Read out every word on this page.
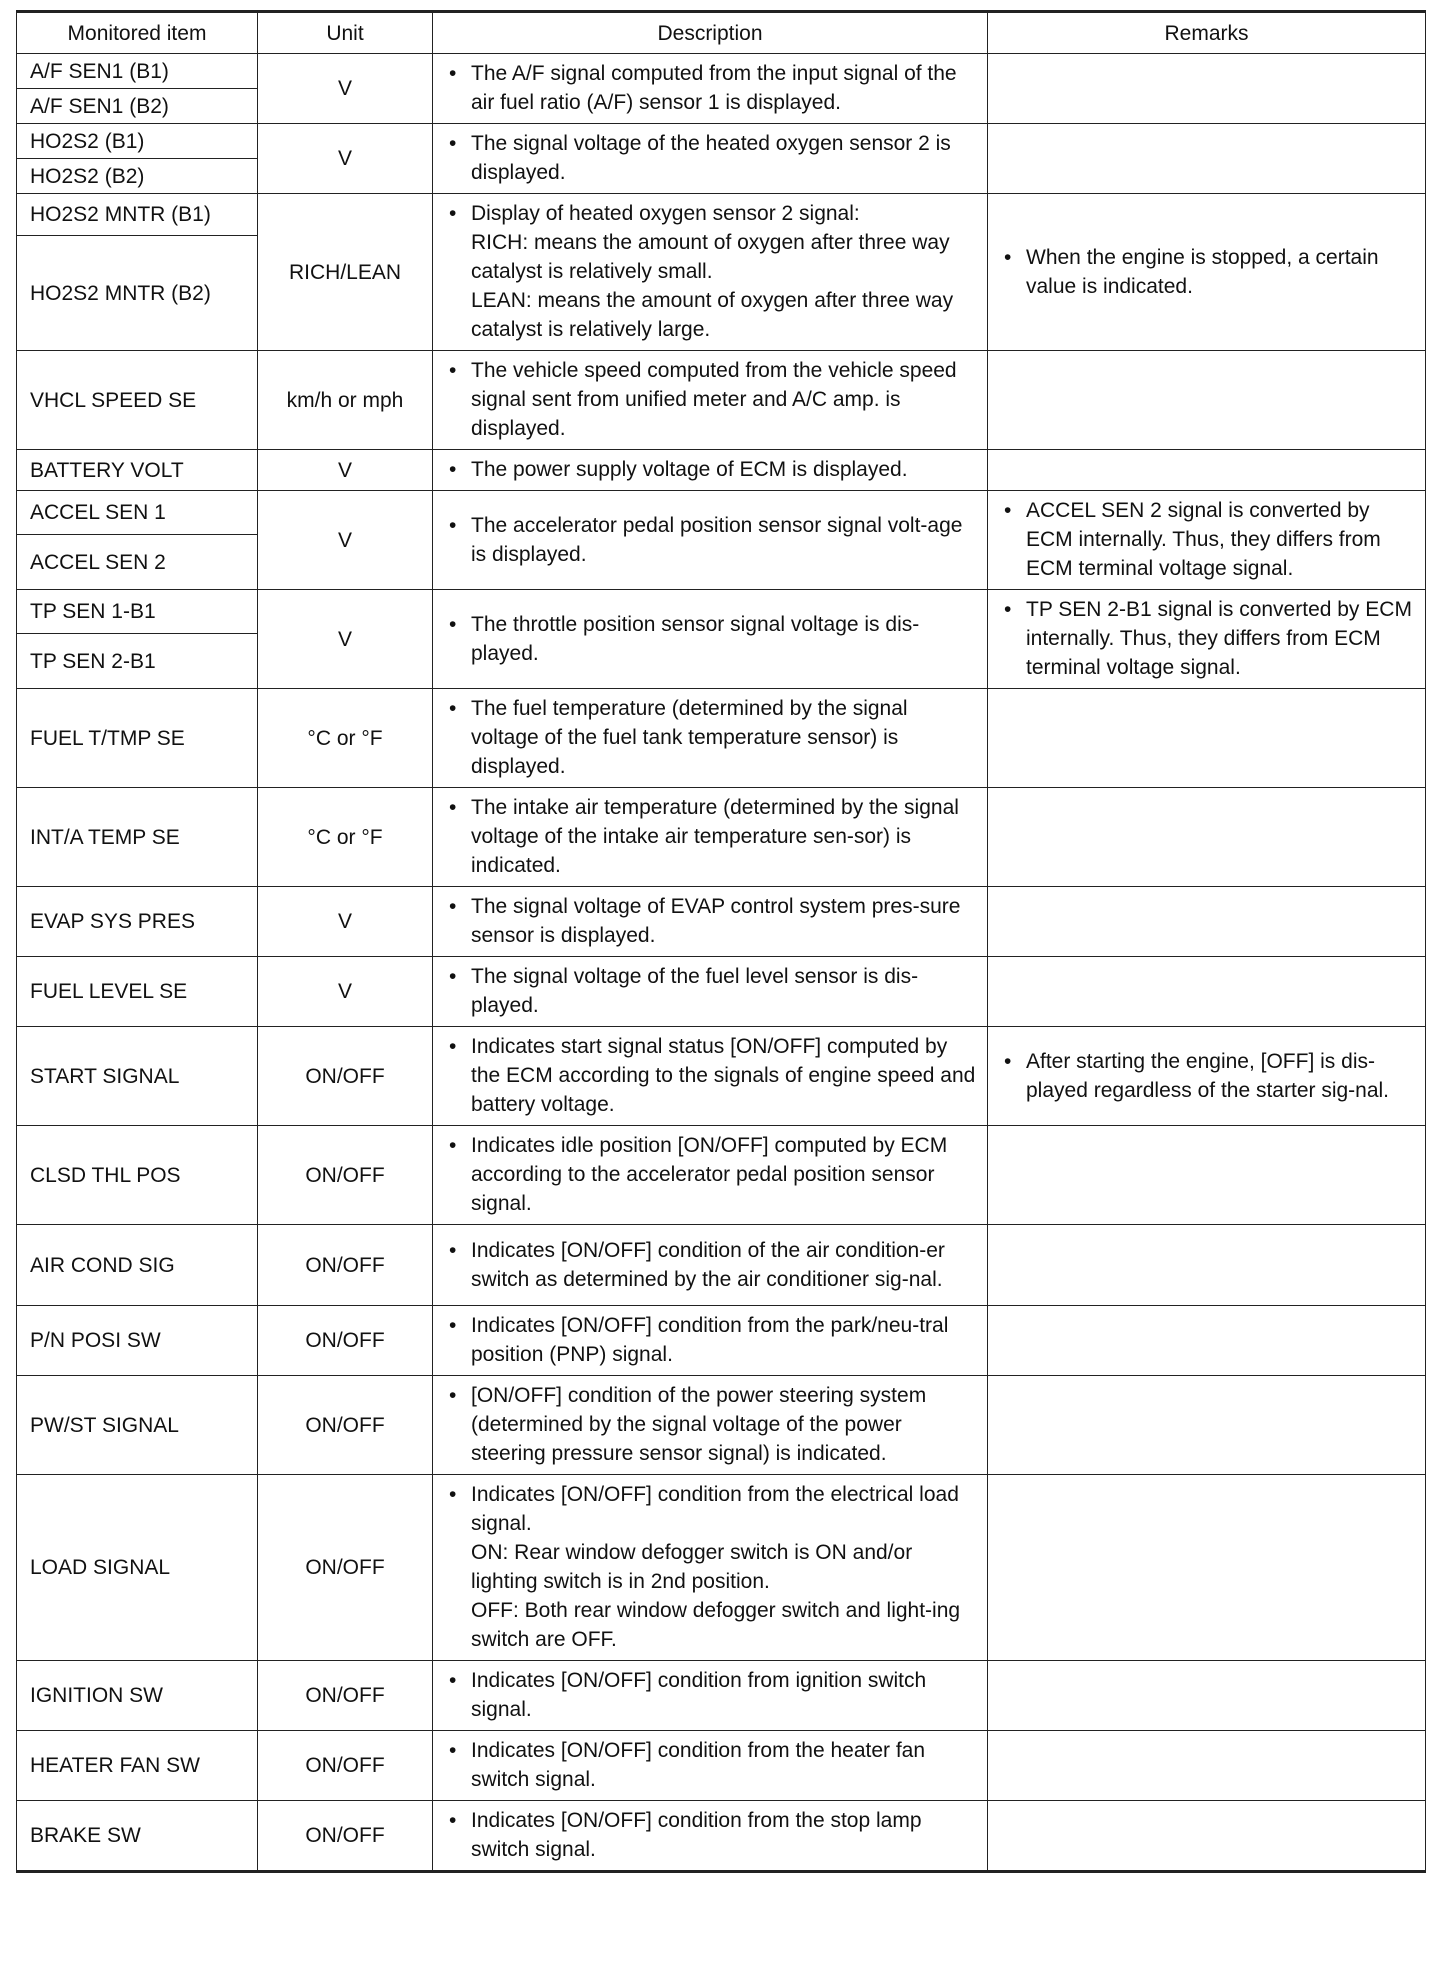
Monitored item	Unit	Description	Remarks
A/F SEN1 (B1)	V	• The A/F signal computed from the input signal of the air fuel ratio (A/F) sensor 1 is displayed.

A/F SEN1 (B2)			
HO2S2 (B1)	V	• The signal voltage of the heated oxygen sensor 2 is displayed.

HO2S2 (B2)			
HO2S2 MNTR (B1)	RICH/LEAN	• Display of heated oxygen sensor 2 signal:
RICH: means the amount of oxygen after three way catalyst is relatively small.
LEAN: means the amount of oxygen after three way catalyst is relatively large.	• When the engine is stopped, a certain value is indicated.

HO2S2 MNTR (B2)			
VHCL SPEED SE	km/h or mph	• The vehicle speed computed from the vehicle speed signal sent from unified meter and A/C amp. is displayed.

BATTERY VOLT	V	• The power supply voltage of ECM is displayed.

ACCEL SEN 1	V	• The accelerator pedal position sensor signal volt-age is displayed.	• ACCEL SEN 2 signal is converted by ECM internally. Thus, they differs from ECM terminal voltage signal.

ACCEL SEN 2			
TP SEN 1-B1	V	• The throttle position sensor signal voltage is dis-played.	• TP SEN 2-B1 signal is converted by ECM internally. Thus, they differs from ECM terminal voltage signal.

TP SEN 2-B1			
FUEL T/TMP SE	°C or °F	• The fuel temperature (determined by the signal voltage of the fuel tank temperature sensor) is displayed.

INT/A TEMP SE	°C or °F	• The intake air temperature (determined by the signal voltage of the intake air temperature sen-sor) is indicated.

EVAP SYS PRES	V	• The signal voltage of EVAP control system pres-sure sensor is displayed.

FUEL LEVEL SE	V	• The signal voltage of the fuel level sensor is dis-played.

START SIGNAL	ON/OFF	• Indicates start signal status [ON/OFF] computed by the ECM according to the signals of engine speed and battery voltage.	• After starting the engine, [OFF] is dis-played regardless of the starter sig-nal.

CLSD THL POS	ON/OFF	• Indicates idle position [ON/OFF] computed by ECM according to the accelerator pedal position sensor signal.

AIR COND SIG	ON/OFF	• Indicates [ON/OFF] condition of the air condition-er switch as determined by the air conditioner sig-nal.

P/N POSI SW	ON/OFF	• Indicates [ON/OFF] condition from the park/neu-tral position (PNP) signal.

PW/ST SIGNAL	ON/OFF	• [ON/OFF] condition of the power steering system (determined by the signal voltage of the power steering pressure sensor signal) is indicated.

LOAD SIGNAL	ON/OFF	• Indicates [ON/OFF] condition from the electrical load signal.
ON: Rear window defogger switch is ON and/or lighting switch is in 2nd position.
OFF: Both rear window defogger switch and light-ing switch are OFF.

IGNITION SW	ON/OFF	• Indicates [ON/OFF] condition from ignition switch signal.

HEATER FAN SW	ON/OFF	• Indicates [ON/OFF] condition from the heater fan switch signal.

BRAKE SW	ON/OFF	• Indicates [ON/OFF] condition from the stop lamp switch signal.
